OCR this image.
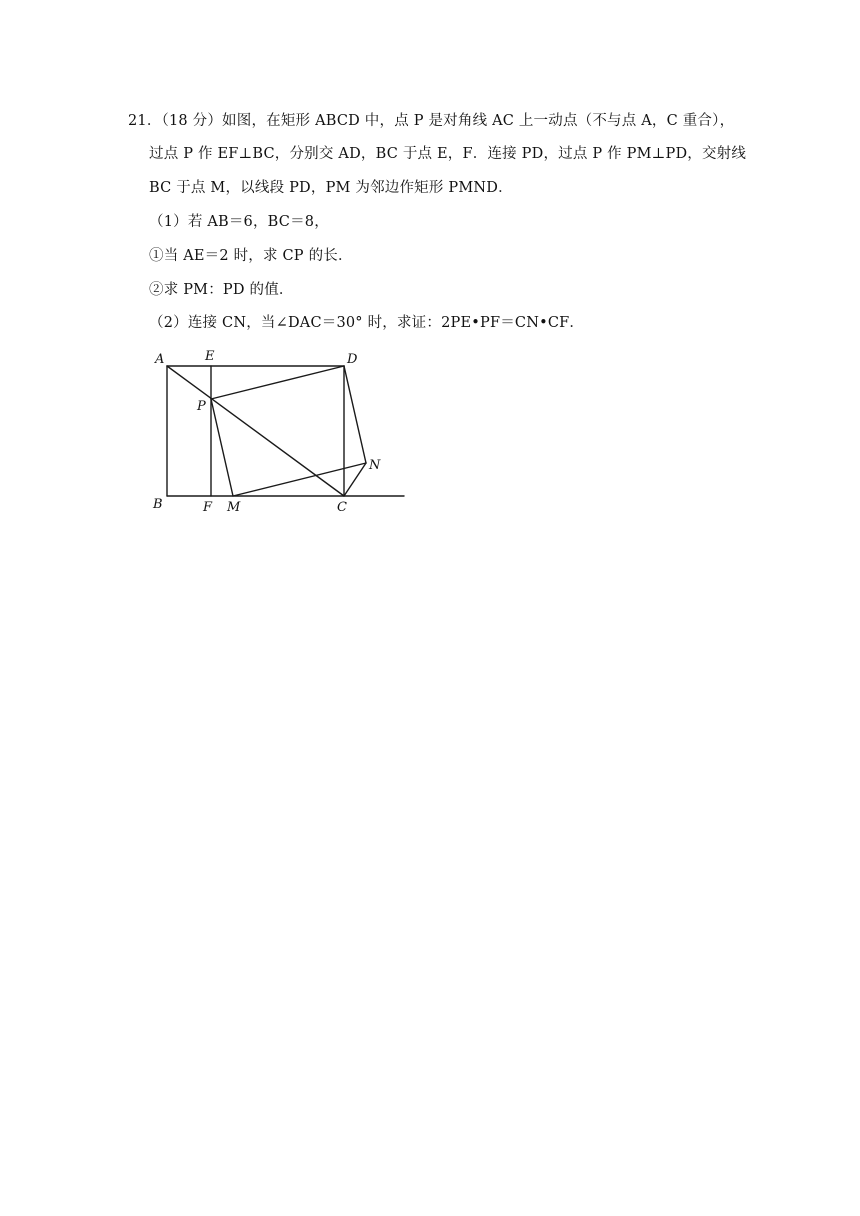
21．（18 分）如图，在矩形 ABCD 中，点 P 是对角线 AC 上一动点（不与点 A，C 重合），
过点 P 作 EF⊥BC，分别交 AD，BC 于点 E，F．连接 PD，过点 P 作 PM⊥PD，交射线
BC 于点 M，以线段 PD，PM 为邻边作矩形 PMND．
（1）若 AB＝6，BC＝8，
①当 AE＝2 时，求 CP 的长．
②求 PM：PD 的值．
（2）连接 CN，当∠DAC＝30° 时，求证：2PE•PF＝CN•CF．
A	E	D
P
N
B	F M	C
